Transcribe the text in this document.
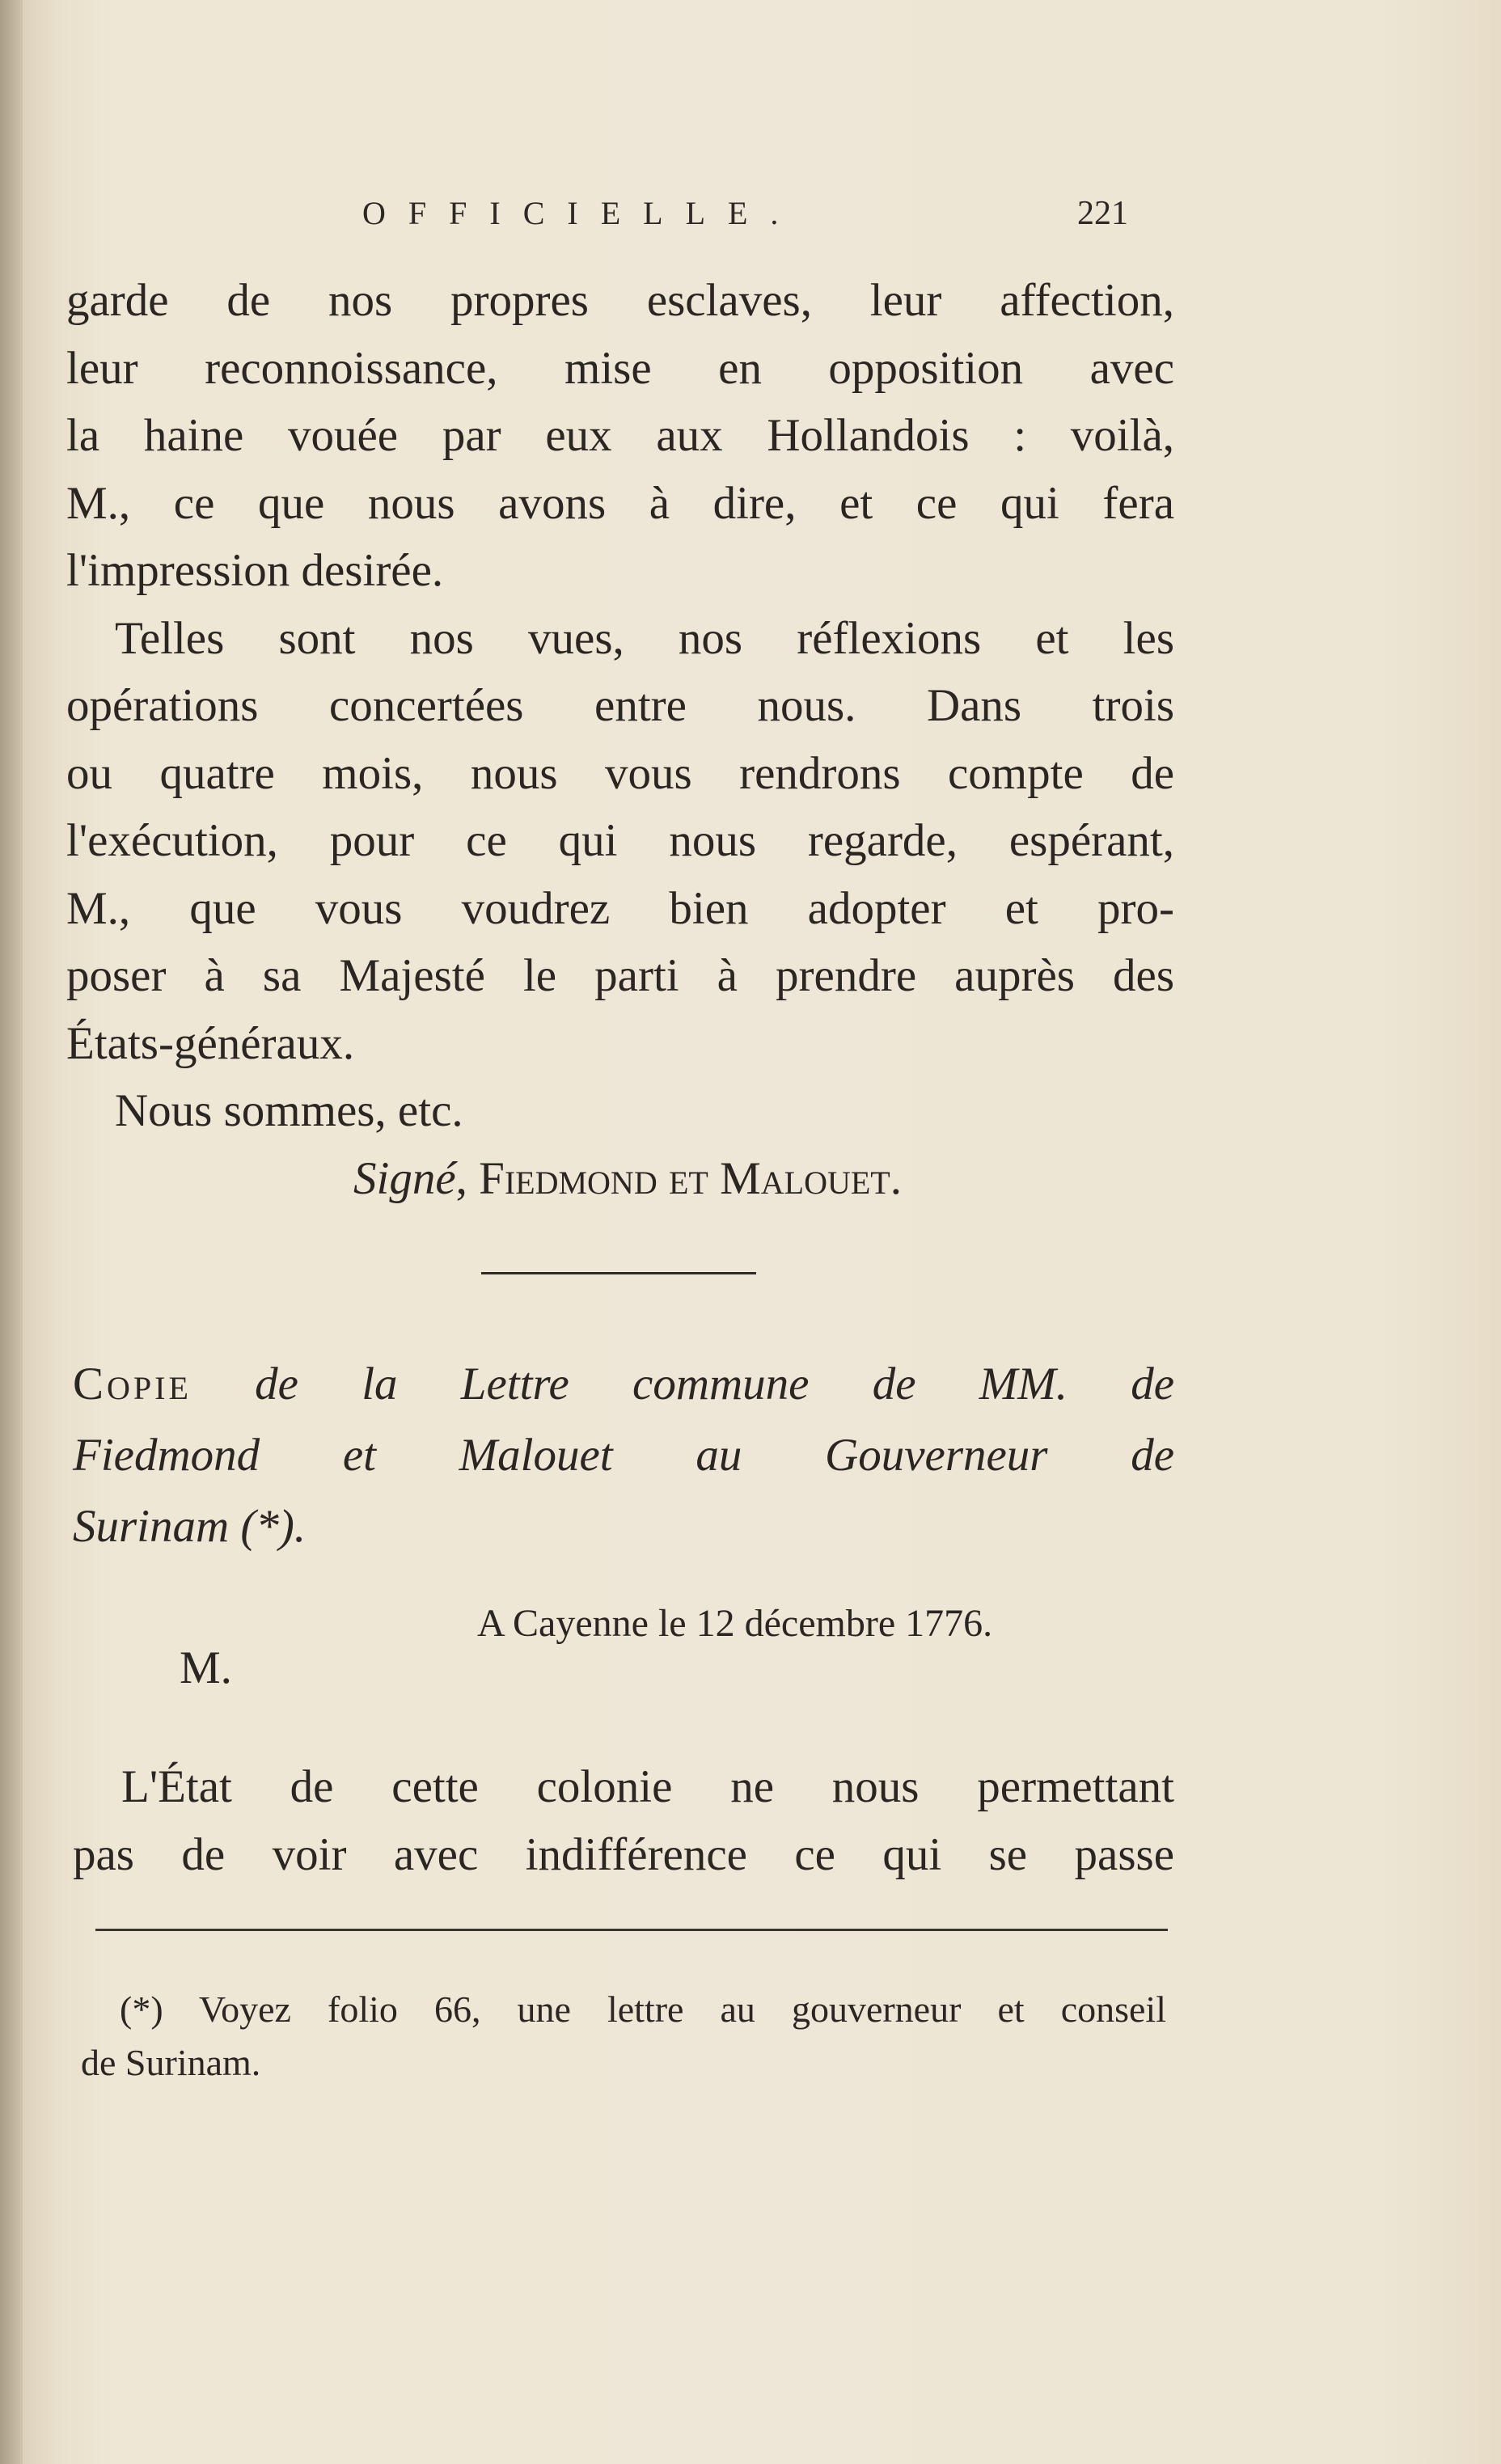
OFFICIELLE.	221
garde de nos propres esclaves, leur affection,
leur reconnoissance, mise en opposition avec
la haine vouée par eux aux Hollandois : voilà,
M., ce que nous avons à dire, et ce qui fera
l'impression desirée.
Telles sont nos vues, nos réflexions et les
opérations concertées entre nous. Dans trois
ou quatre mois, nous vous rendrons compte de
l'exécution, pour ce qui nous regarde, espérant,
M., que vous voudrez bien adopter et pro-
poser à sa Majesté le parti à prendre auprès des
États-généraux.
Nous sommes, etc.
Signé, Fiedmond et Malouet.
Copie de la Lettre commune de MM. de
Fiedmond et Malouet au Gouverneur de
Surinam (*).
A Cayenne le 12 décembre 1776.
M.
L'État de cette colonie ne nous permettant
pas de voir avec indifférence ce qui se passe
(*) Voyez folio 66, une lettre au gouverneur et conseil
de Surinam.
